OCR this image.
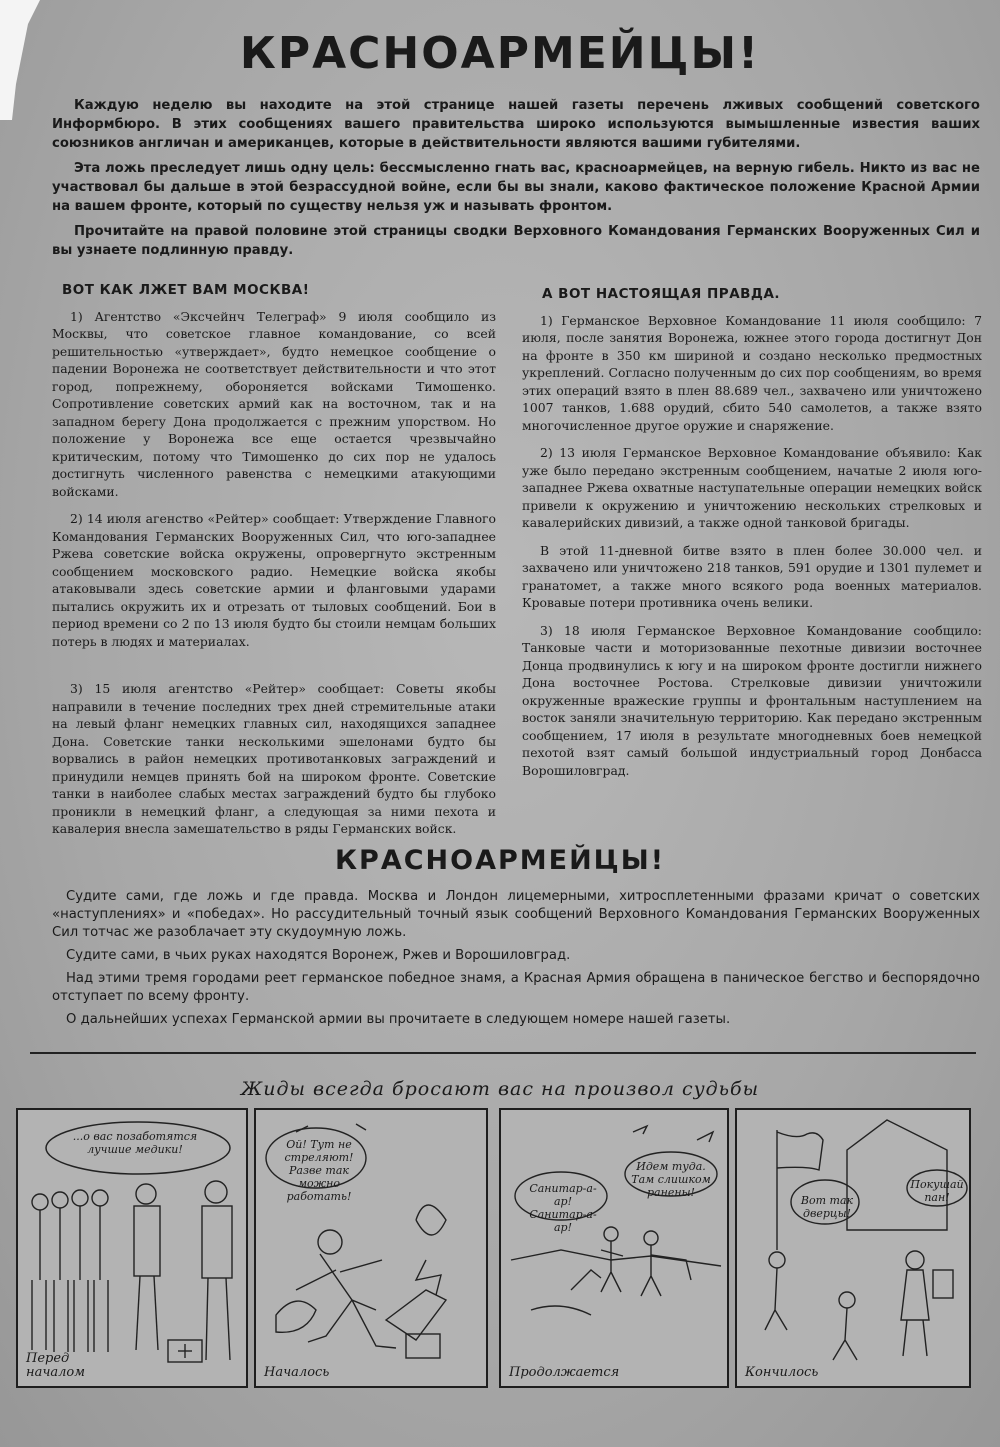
КРАСНОАРМЕЙЦЫ!

Каждую неделю вы находите на этой странице нашей газеты перечень лживых сообщений советского Информбюро. В этих сообщениях вашего правительства широко используются вымышленные известия ваших союзников англичан и американцев, которые в действительности являются вашими губителями.

Эта ложь преследует лишь одну цель: бессмысленно гнать вас, красноармейцев, на верную гибель. Никто из вас не участвовал бы дальше в этой безрассудной войне, если бы вы знали, каково фактическое положение Красной Армии на вашем фронте, который по существу нельзя уж и называть фронтом.

Прочитайте на правой половине этой страницы сводки Верховного Командования Германских Вооруженных Сил и вы узнаете подлинную правду.

ВОТ КАК ЛЖЕТ ВАМ МОСКВА!

1) Агентство «Эксчейнч Телеграф» 9 июля сообщило из Москвы, что советское главное командование, со всей решительностью «утверждает», будто немецкое сообщение о падении Воронежа не соответствует действительности и что этот город, попрежнему, обороняется войсками Тимошенко. Сопротивление советских армий как на восточном, так и на западном берегу Дона продолжается с прежним упорством. Но положение у Воронежа все еще остается чрезвычайно критическим, потому что Тимошенко до сих пор не удалось достигнуть численного равенства с немецкими атакующими войсками.

2) 14 июля агенство «Рейтер» сообщает: Утверждение Главного Командования Германских Вооруженных Сил, что юго-западнее Ржева советские войска окружены, опровергнуто экстренным сообщением московского радио. Немецкие войска якобы атаковывали здесь советские армии и фланговыми ударами пытались окружить их и отрезать от тыловых сообщений. Бои в период времени со 2 по 13 июля будто бы стоили немцам больших потерь в людях и материалах.

3) 15 июля агентство «Рейтер» сообщает: Советы якобы направили в течение последних трех дней стремительные атаки на левый фланг немецких главных сил, находящихся западнее Дона. Советские танки несколькими эшелонами будто бы ворвались в район немецких противотанковых заграждений и принудили немцев принять бой на широком фронте. Советские танки в наиболее слабых местах заграждений будто бы глубоко проникли в немецкий фланг, а следующая за ними пехота и кавалерия внесла замешательство в ряды Германских войск.

А ВОТ НАСТОЯЩАЯ ПРАВДА.

1) Германское Верховное Командование 11 июля сообщило: 7 июля, после занятия Воронежа, южнее этого города достигнут Дон на фронте в 350 км шириной и создано несколько предмостных укреплений. Согласно полученным до сих пор сообщениям, во время этих операций взято в плен 88.689 чел., захвачено или уничтожено 1007 танков, 1.688 орудий, сбито 540 самолетов, а также взято многочисленное другое оружие и снаряжение.

2) 13 июля Германское Верховное Командование объявило: Как уже было передано экстренным сообщением, начатые 2 июля юго-западнее Ржева охватные наступательные операции немецких войск привели к окружению и уничтожению нескольких стрелковых и кавалерийских дивизий, а также одной танковой бригады.

В этой 11-дневной битве взято в плен более 30.000 чел. и захвачено или уничтожено 218 танков, 591 орудие и 1301 пулемет и гранатомет, а также много всякого рода военных материалов. Кровавые потери противника очень велики.

3) 18 июля Германское Верховное Командование сообщило: Танковые части и моторизованные пехотные дивизии восточнее Донца продвинулись к югу и на широком фронте достигли нижнего Дона восточнее Ростова. Стрелковые дивизии уничтожили окруженные вражеские группы и фронтальным наступлением на восток заняли значительную территорию. Как передано экстренным сообщением, 17 июля в результате многодневных боев немецкой пехотой взят самый большой индустриальный город Донбасса Ворошиловград.

КРАСНОАРМЕЙЦЫ!

Судите сами, где ложь и где правда. Москва и Лондон лицемерными, хитросплетенными фразами кричат о советских «наступлениях» и «победах». Но рассудительный точный язык сообщений Верховного Командования Германских Вооруженных Сил тотчас же разоблачает эту скудоумную ложь.

Судите сами, в чьих руках находятся Воронеж, Ржев и Ворошиловград.

Над этими тремя городами реет германское победное знамя, а Красная Армия обращена в паническое бегство и беспорядочно отступает по всему фронту.

О дальнейших успехах Германской армии вы прочитаете в следующем номере нашей газеты.

Жиды всегда бросают вас на произвол судьбы
...о вас позаботятся лучшие медики!
Перед началом
Ой! Тут не стреляют! Разве так можно работать!
Началось
Санитар-а-ар! Санитар-а-ар!
Идем туда. Там слишком ранены!
Продолжается
Вот так дверцы!
Покушай пан!
Кончилось
